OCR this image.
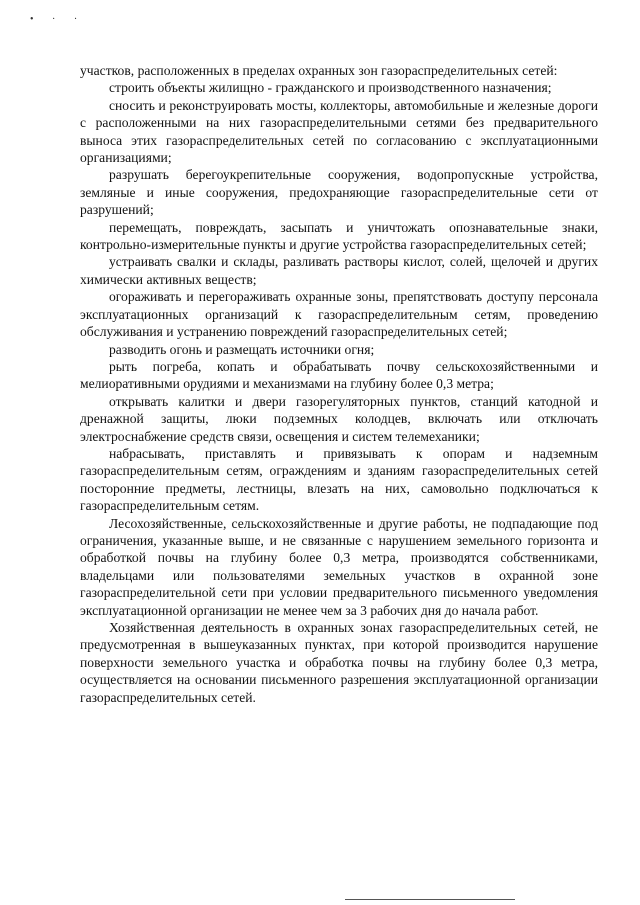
• · ·

участков, расположенных в пределах охранных зон газораспределительных сетей:

строить объекты жилищно - гражданского и производственного назначения;

сносить и реконструировать мосты, коллекторы, автомобильные и железные дороги с расположенными на них газораспределительными сетями без предварительного выноса этих газораспределительных сетей по согласованию с эксплуатационными организациями;

разрушать берегоукрепительные сооружения, водопропускные устройства, земляные и иные сооружения, предохраняющие газораспределительные сети от разрушений;

перемещать, повреждать, засыпать и уничтожать опознавательные знаки, контрольно-измерительные пункты и другие устройства газораспределительных сетей;

устраивать свалки и склады, разливать растворы кислот, солей, щелочей и других химически активных веществ;

огораживать и перегораживать охранные зоны, препятствовать доступу персонала эксплуатационных организаций к газораспределительным сетям, проведению обслуживания и устранению повреждений газораспределительных сетей;

разводить огонь и размещать источники огня;

рыть погреба, копать и обрабатывать почву сельскохозяйственными и мелиоративными орудиями и механизмами на глубину более 0,3 метра;

открывать калитки и двери газорегуляторных пунктов, станций катодной и дренажной защиты, люки подземных колодцев, включать или отключать электроснабжение средств связи, освещения и систем телемеханики;

набрасывать, приставлять и привязывать к опорам и надземным газораспределительным сетям, ограждениям и зданиям газораспределительных сетей посторонние предметы, лестницы, влезать на них, самовольно подключаться к газораспределительным сетям.

Лесохозяйственные, сельскохозяйственные и другие работы, не подпадающие под ограничения, указанные выше, и не связанные с нарушением земельного горизонта и обработкой почвы на глубину более 0,3 метра, производятся собственниками, владельцами или пользователями земельных участков в охранной зоне газораспределительной сети при условии предварительного письменного уведомления эксплуатационной организации не менее чем за 3 рабочих дня до начала работ.

Хозяйственная деятельность в охранных зонах газораспределительных сетей, не предусмотренная в вышеуказанных пунктах, при которой производится нарушение поверхности земельного участка и обработка почвы на глубину более 0,3 метра, осуществляется на основании письменного разрешения эксплуатационной организации газораспределительных сетей.
